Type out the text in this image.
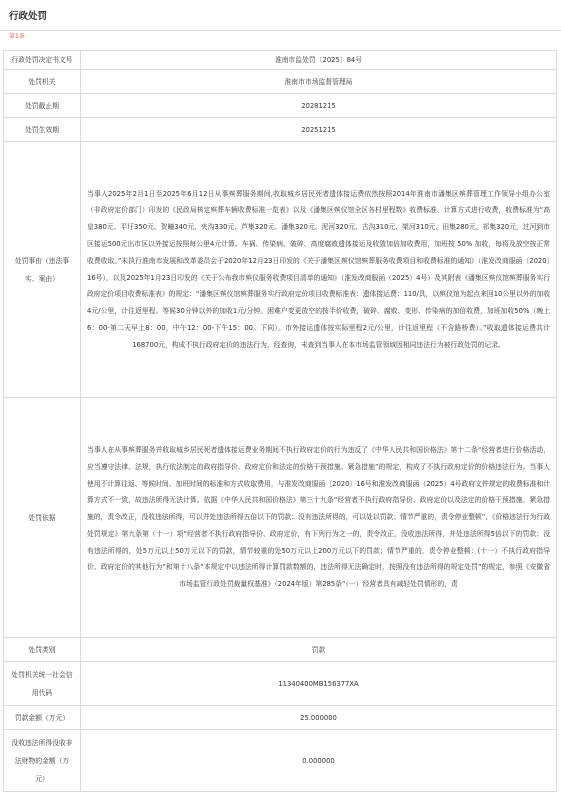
行政处罚
第1条
行政处罚决定书文号	淮南市监处罚〔2025〕84号
处罚机关	淮南市市场监督管理局
处罚截止期	20281215
处罚生效期	20251215
处罚事由（违法事实、案由）	当事人2025年2月1日至2025年6月12日从事殡葬服务期间,收取城乡居民死者遗体接运费依然按照2014年淮南市潘集区殡葬管理工作领导小组办公室（非政府定价部门）印发的《民政局核定殡葬车辆收费标准一览表》以及《潘集区殡仪馆全区各村里程数》收费标准、计算方式进行收费，收费标准为“高皇380元、平圩350元、贺疃340元、夹沟330元、芦集320元、潘集320元、泥河320元、古沟310元、架河310元、田集280元，祁集320元，过河到市区接运500元出市区以外接运按照每公里4元计算。车祸、传染病、破碎、高度腐败遗体接运及收敛加倍加收费用，加班按 50% 加收，每将及放空按正常收费收取。”未执行淮南市发展和改革委员会于2020年12月23日印发的《关于潘集区殡仪馆殡葬服务收费项目和收费标准的通知》（淮发改商服函〔2020〕16号），以及2025年1月23日印发的《关于公布我市殡仪服务收费项目清单的通知》（淮发改商服函（2025）4号）及其附表《潘集区殡仪馆殡葬服务实行政府定价项目收费标准表》的规定：“潘集区殡仪馆殡葬服务实行政府定价项目收费标准表：遗体接运费：110/具，以殡仪馆为起点来回10公里以外的加收4元/公里，计往返里程。等候30分钟以外的加收1元/分钟。困难户变更放空的按半价收费，破碎、腐败、变形、传染病的加倍收费，加班加收50%（晚上6：00-第二天早上8：00，中午12：00-下午15：00。下同）。市外接运遗体按实际里程2元/公里，计往返里程（不含路桥费）。”收取遗体接运费共计168700元，构成不执行政府定价的违法行为。经查询，未查到当事人在本市场监管领域因相同违法行为被行政处罚的记录。
处罚依据	当事人在从事殡葬服务并收取城乡居民死者遗体接运费业务期间不执行政府定价的行为违反了《中华人民共和国价格法》第十二条“经营者进行价格活动，应当遵守法律、法规，执行依法制定的政府指导价、政府定价和法定的价格干预措施、紧急措施”的规定，构成了不执行政府定价的价格违法行为。当事人使用不计算往返、等候时间、加班时间的标准和方式收取费用，与淮发改商服函〔2020〕16号和淮发改商服函（2025）4号政府文件规定的收费标准和计算方式不一致，故违法所得无法计算。依据《中华人民共和国价格法》第三十九条“经营者不执行政府指导价、政府定价以及法定的价格干预措施、紧急措施的，责令改正，没收违法所得，可以并处违法所得五倍以下的罚款；没有违法所得的，可以处以罚款；情节严重的，责令停业整顿”、《价格违法行为行政处罚规定》第九条第（十一）项“经营者不执行政府指导价、政府定价，有下列行为之一的，责令改正，没收违法所得，并处违法所得5倍以下的罚款；没有违法所得的，处5万元以上50万元以下的罚款，情节较重的处50万元以上200万元以下的罚款；情节严重的，责令停业整顿：(十一）不执行政府指导价、政府定价的其他行为”和第十八条“本规定中以违法所得计算罚款数额的，违法所得无法确定时，按照没有违法所得的规定处罚”的规定，参照《安徽省市场监管行政处罚裁量权基准》（2024年版）第285条“（一）经营者具有减轻处罚情形的，责
处罚类别	罚款
处罚机关统一社会信用代码	11340400MB156377XA
罚款金额（万元）	25.000000
没收违法所得没收非法财物的金额（万元）	0.000000
